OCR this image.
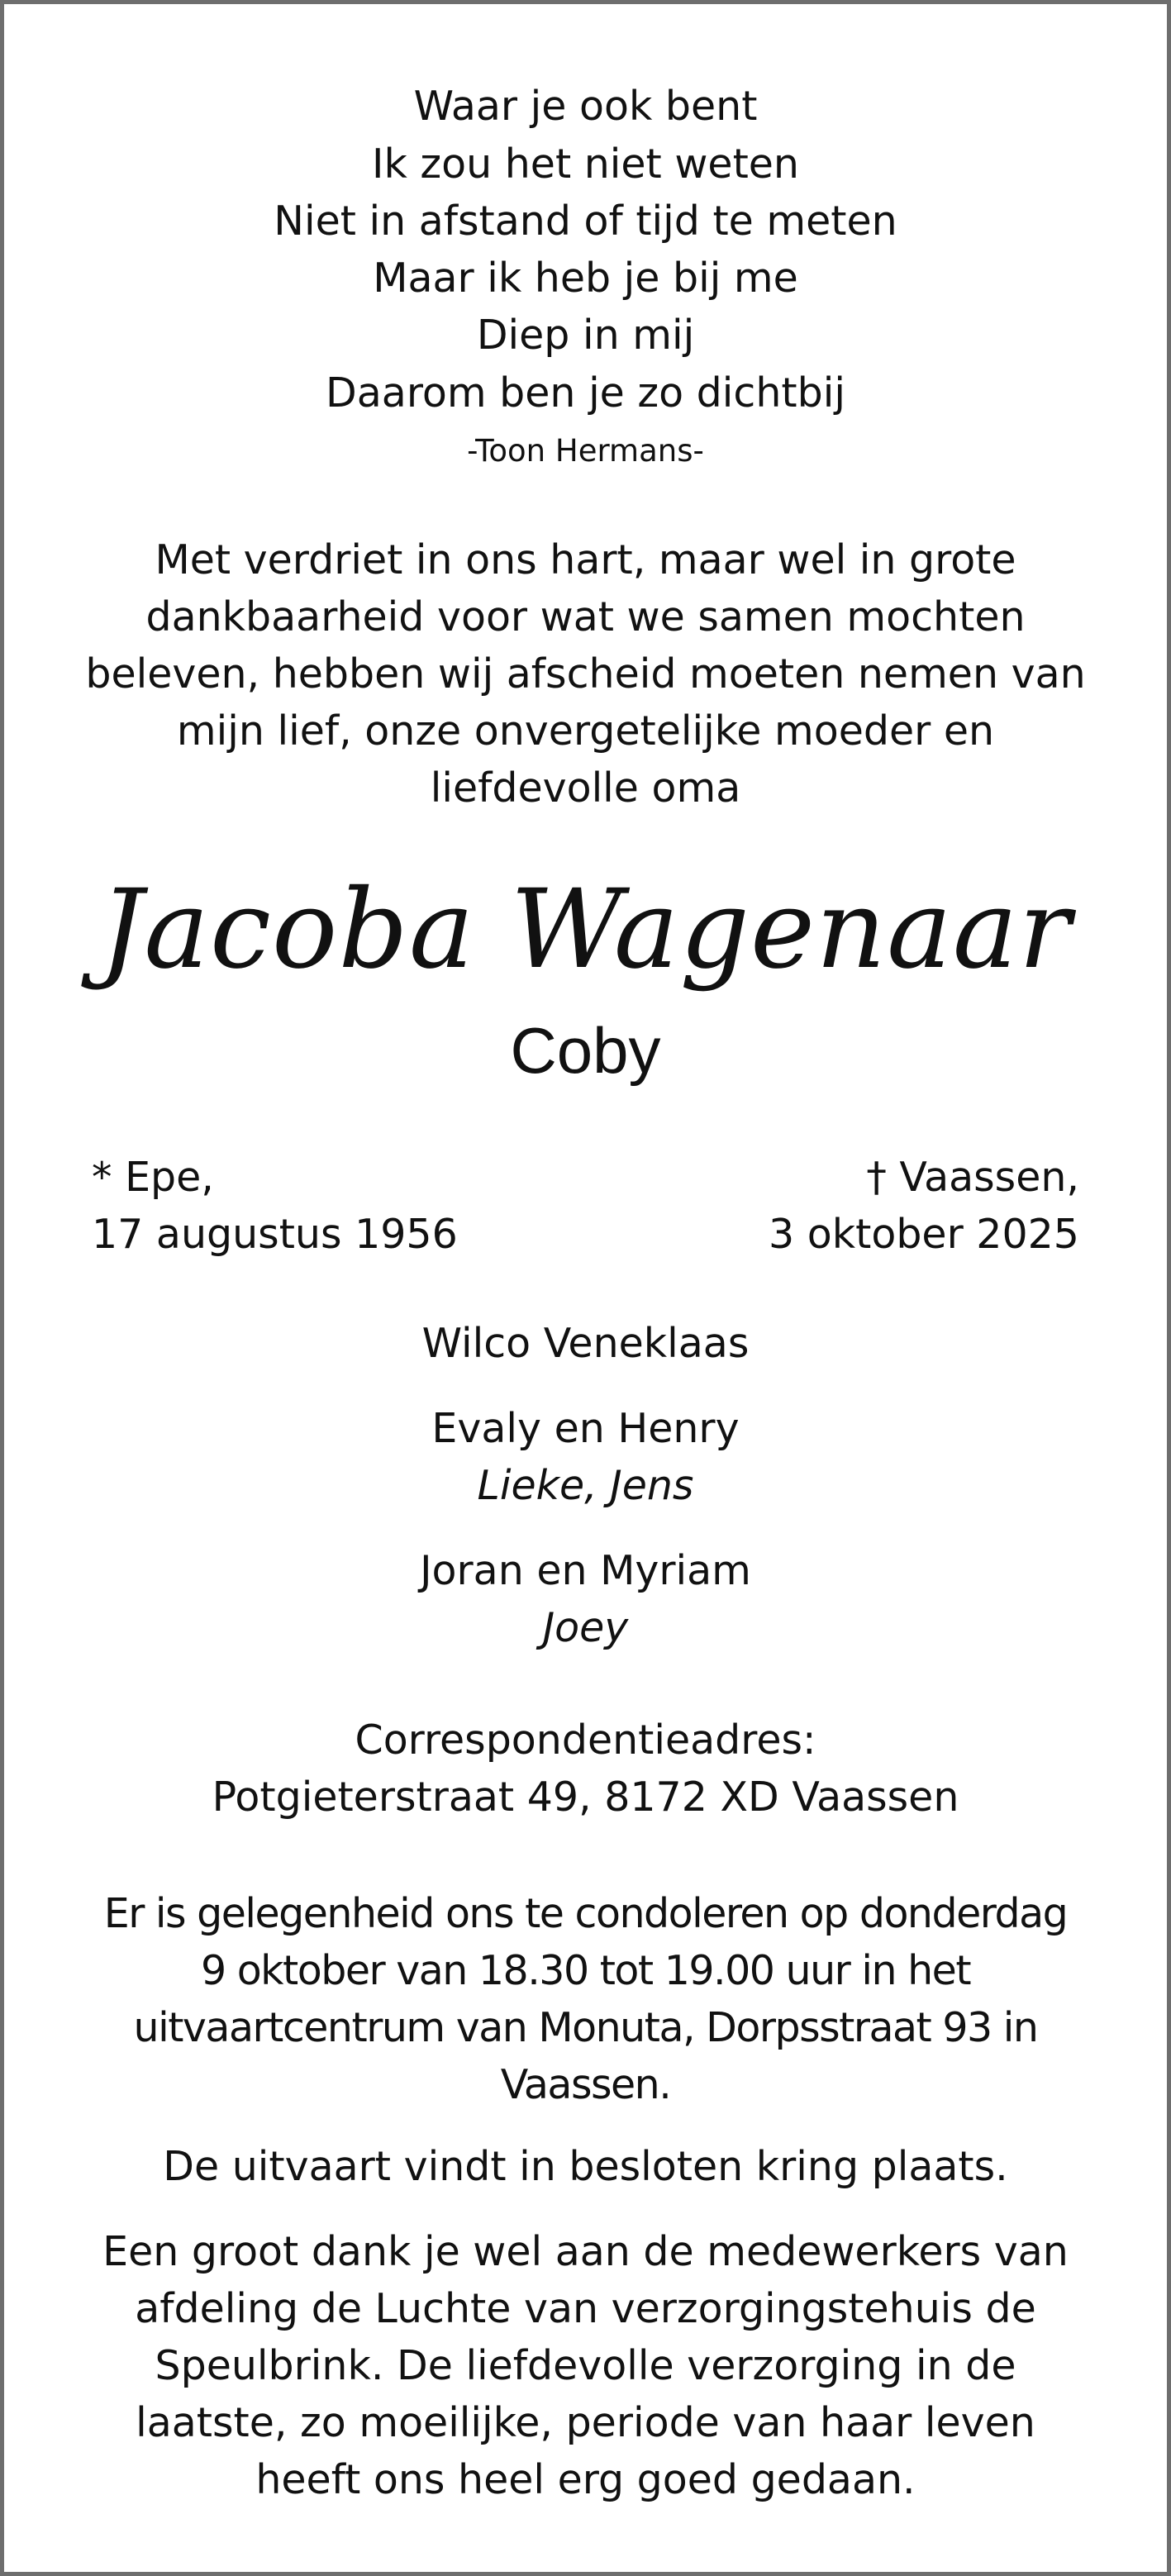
Waar je ook bent
Ik zou het niet weten
Niet in afstand of tijd te meten
Maar ik heb je bij me
Diep in mij
Daarom ben je zo dichtbij
-Toon Hermans-
Met verdriet in ons hart, maar wel in grote
dankbaarheid voor wat we samen mochten
beleven, hebben wij afscheid moeten nemen van
mijn lief, onze onvergetelijke moeder en
liefdevolle oma
Jacoba Wagenaar
Coby
* Epe,
17 augustus 1956
† Vaassen,
3 oktober 2025
Wilco Veneklaas
Evaly en Henry
Lieke, Jens
Joran en Myriam
Joey
Correspondentieadres:
Potgieterstraat 49, 8172 XD Vaassen
Er is gelegenheid ons te condoleren op donderdag
9 oktober van 18.30 tot 19.00 uur in het
uitvaartcentrum van Monuta, Dorpsstraat 93 in
Vaassen.
De uitvaart vindt in besloten kring plaats.
Een groot dank je wel aan de medewerkers van
afdeling de Luchte van verzorgingstehuis de
Speulbrink. De liefdevolle verzorging in de
laatste, zo moeilijke, periode van haar leven
heeft ons heel erg goed gedaan.
